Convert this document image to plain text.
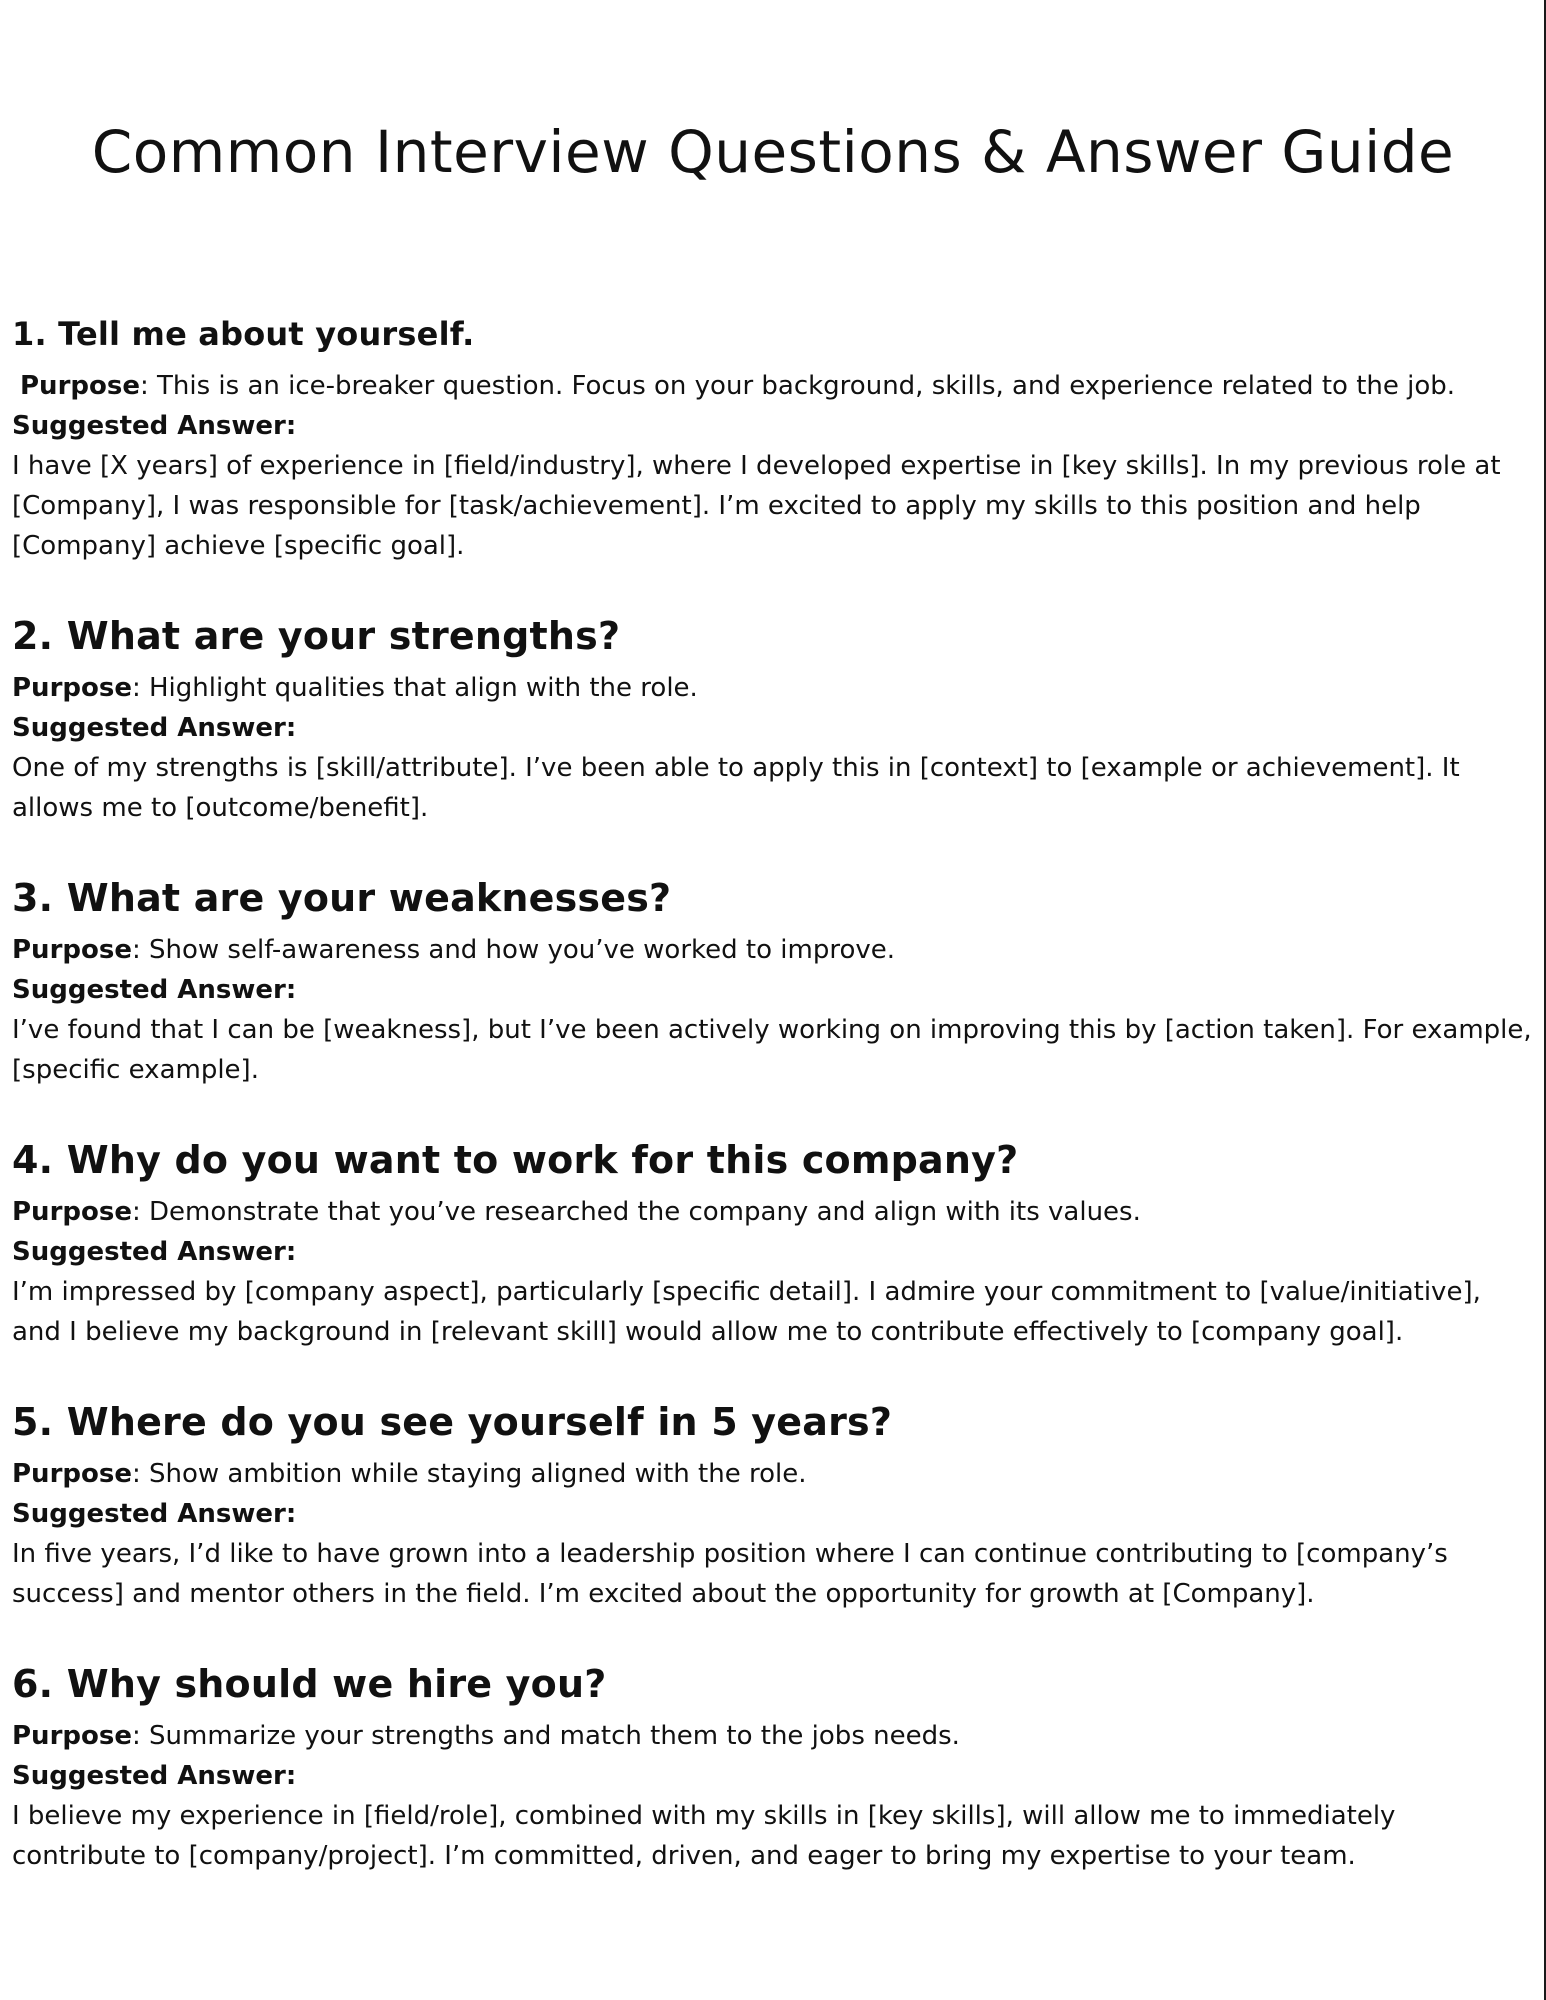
Common Interview Questions & Answer Guide
1. Tell me about yourself.

Purpose: This is an ice-breaker question. Focus on your background, skills, and experience related to the job.

Suggested Answer:

I have [X years] of experience in [field/industry], where I developed expertise in [key skills]. In my previous role at [Company], I was responsible for [task/achievement]. I’m excited to apply my skills to this position and help [Company] achieve [specific goal].

2. What are your strengths?

Purpose: Highlight qualities that align with the role.

Suggested Answer:

One of my strengths is [skill/attribute]. I’ve been able to apply this in [context] to [example or achievement]. It allows me to [outcome/benefit].

3. What are your weaknesses?

Purpose: Show self-awareness and how you’ve worked to improve.

Suggested Answer:

I’ve found that I can be [weakness], but I’ve been actively working on improving this by [action taken]. For example, [specific example].

4. Why do you want to work for this company?

Purpose: Demonstrate that you’ve researched the company and align with its values.

Suggested Answer:

I’m impressed by [company aspect], particularly [specific detail]. I admire your commitment to [value/initiative], and I believe my background in [relevant skill] would allow me to contribute effectively to [company goal].

5. Where do you see yourself in 5 years?

Purpose: Show ambition while staying aligned with the role.

Suggested Answer:

In five years, I’d like to have grown into a leadership position where I can continue contributing to [company’s success] and mentor others in the field. I’m excited about the opportunity for growth at [Company].

6. Why should we hire you?

Purpose: Summarize your strengths and match them to the jobs needs.

Suggested Answer:

I believe my experience in [field/role], combined with my skills in [key skills], will allow me to immediately contribute to [company/project]. I’m committed, driven, and eager to bring my expertise to your team.
